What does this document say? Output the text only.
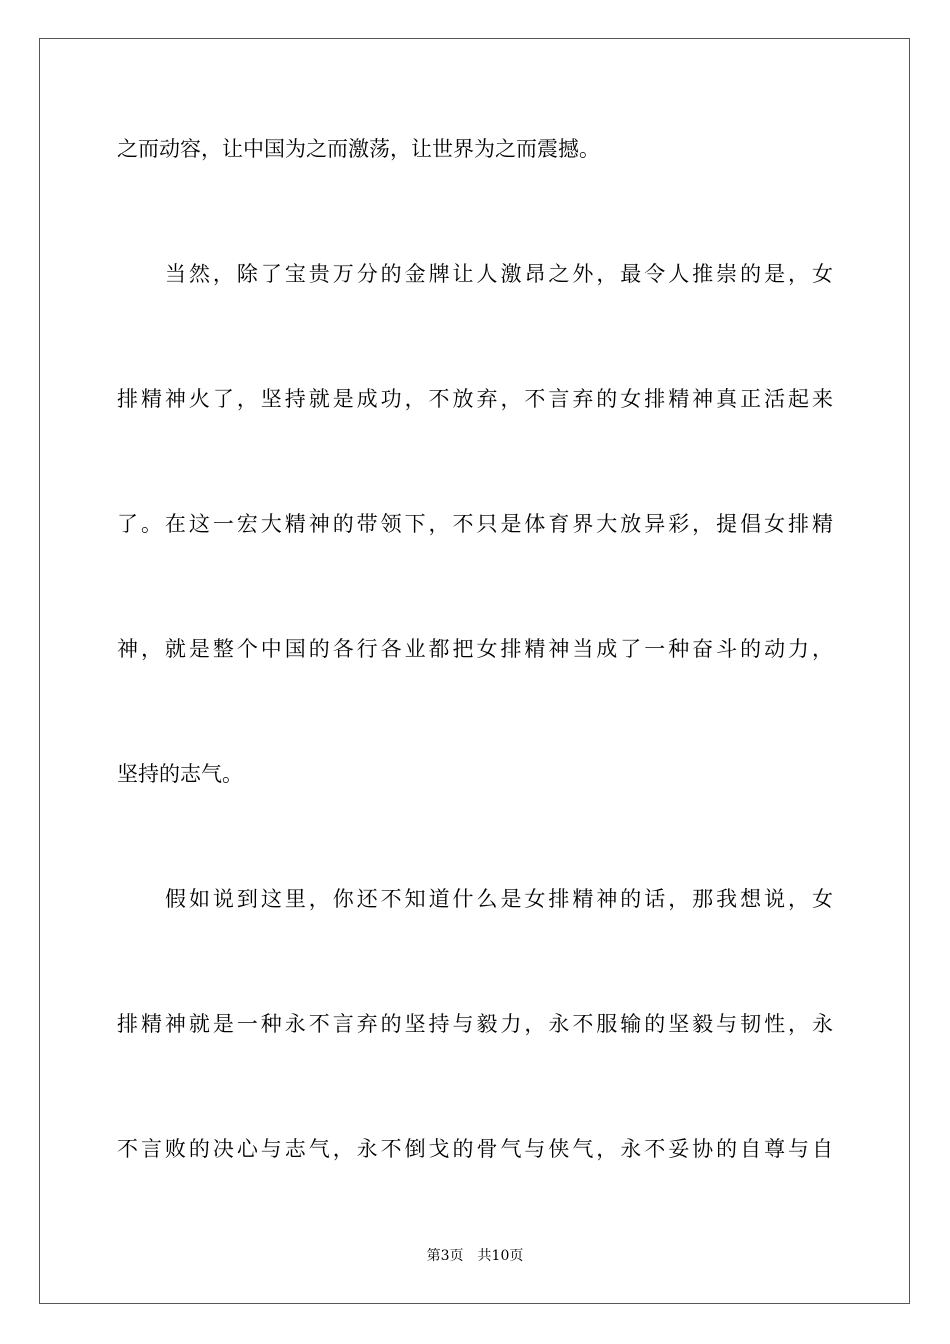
之而动容，让中国为之而激荡，让世界为之而震撼。
当然，除了宝贵万分的金牌让人激昂之外，最令人推崇的是，女
排精神火了，坚持就是成功，不放弃，不言弃的女排精神真正活起来
了。在这一宏大精神的带领下，不只是体育界大放异彩，提倡女排精
神，就是整个中国的各行各业都把女排精神当成了一种奋斗的动力，
坚持的志气。
假如说到这里，你还不知道什么是女排精神的话，那我想说，女
排精神就是一种永不言弃的坚持与毅力，永不服输的坚毅与韧性，永
不言败的决心与志气，永不倒戈的骨气与侠气，永不妥协的自尊与自
第3页 共10页
